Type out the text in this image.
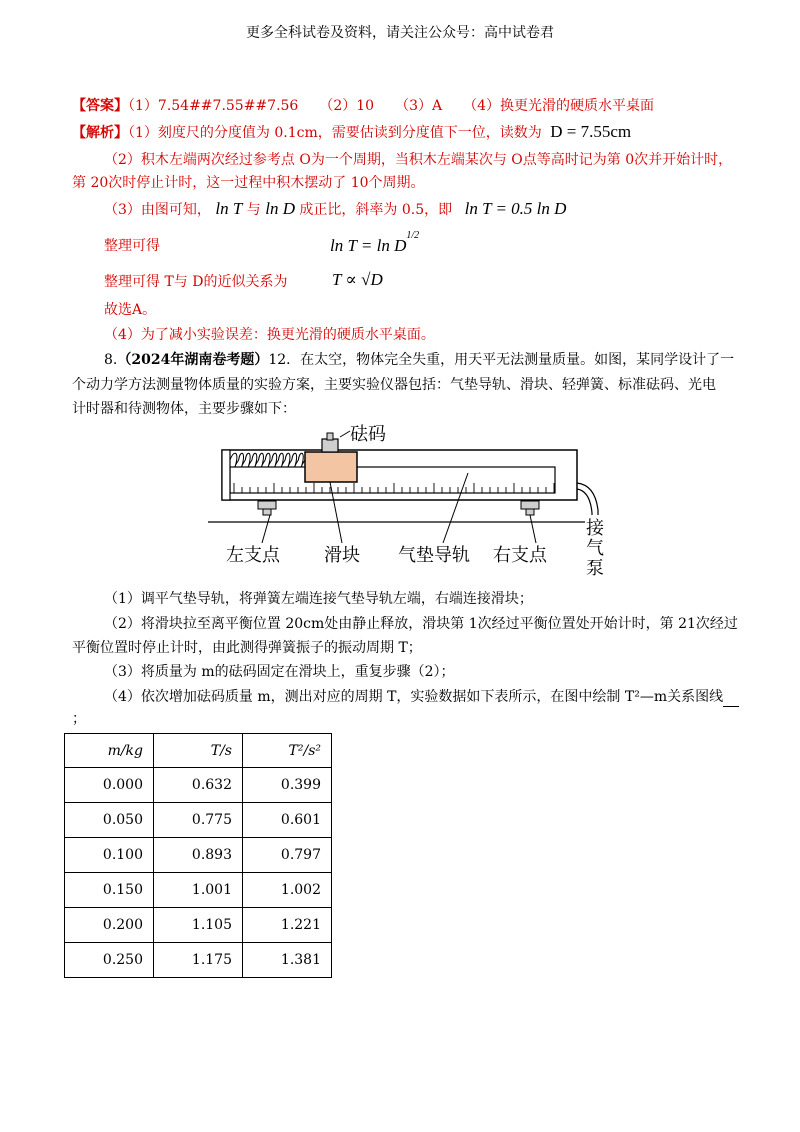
更多全科试卷及资料，请关注公众号：高中试卷君
【答案】（1）7.54##7.55##7.56　　（2）10　　（3）A　　（4）换更光滑的硬质水平桌面
【解析】（1）刻度尺的分度值为 0.1cm，需要估读到分度值下一位，读数为 D = 7.55cm
（2）积木左端两次经过参考点 O为一个周期，当积木左端某次与 O点等高时记为第 0次并开始计时，
第 20次时停止计时，这一过程中积木摆动了 10个周期。
（3）由图可知， ln T 与 ln D 成正比，斜率为 0.5，即 ln T = 0.5 ln D
整理可得	$\ln T = \ln D^{1/2}$
整理可得 T与 D的近似关系为	T ∝ √D
故选A。
（4）为了减小实验误差：换更光滑的硬质水平桌面。
8.（2024年湖南卷考题）12．在太空，物体完全失重，用天平无法测量质量。如图，某同学设计了一
个动力学方法测量物体质量的实验方案，主要实验仪器包括：气垫导轨、滑块、轻弹簧、标准砝码、光电
计时器和待测物体，主要步骤如下：
砝码
左支点 滑块 气垫导轨 右支点
接
气
泵
（1）调平气垫导轨，将弹簧左端连接气垫导轨左端，右端连接滑块；
（2）将滑块拉至离平衡位置 20cm处由静止释放，滑块第 1次经过平衡位置处开始计时，第 21次经过
平衡位置时停止计时，由此测得弹簧振子的振动周期 T；
（3）将质量为 m的砝码固定在滑块上，重复步骤（2）；
（4）依次增加砝码质量 m，测出对应的周期 T，实验数据如下表所示，在图中绘制 T²—m关系图线
；
m/kg	T/s	T²/s²
0.000	0.632	0.399
0.050	0.775	0.601
0.100	0.893	0.797
0.150	1.001	1.002
0.200	1.105	1.221
0.250	1.175	1.381
